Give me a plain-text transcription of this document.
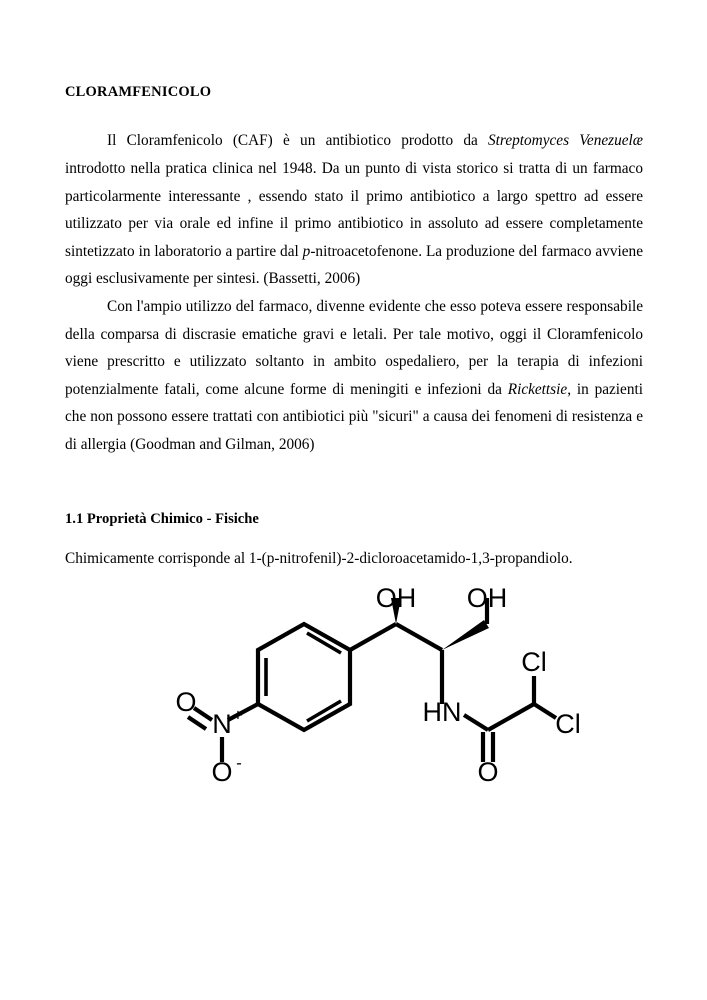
CLORAMFENICOLO

Il Cloramfenicolo (CAF) è un antibiotico prodotto da Streptomyces Venezuelæ introdotto nella pratica clinica nel 1948. Da un punto di vista storico si tratta di un farmaco particolarmente interessante , essendo stato il primo antibiotico a largo spettro ad essere utilizzato per via orale ed infine il primo antibiotico in assoluto ad essere completamente sintetizzato in laboratorio a partire dal p-nitroacetofenone. La produzione del farmaco avviene oggi esclusivamente per sintesi. (Bassetti, 2006)

Con l'ampio utilizzo del farmaco, divenne evidente che esso poteva essere responsabile della comparsa di discrasie ematiche gravi e letali. Per tale motivo, oggi il Cloramfenicolo viene prescritto e utilizzato soltanto in ambito ospedaliero, per la terapia di infezioni potenzialmente fatali, come alcune forme di meningiti e infezioni da Rickettsie, in pazienti che non possono essere trattati con antibiotici più "sicuri" a causa dei fenomeni di resistenza e di allergia (Goodman and Gilman, 2006)

1.1 Proprietà Chimico - Fisiche

Chimicamente corrisponde al 1-(p-nitrofenil)-2-dicloroacetamido-1,3-propandiolo.

OH OH
HN
O
Cl
Cl
N +
O
O -
